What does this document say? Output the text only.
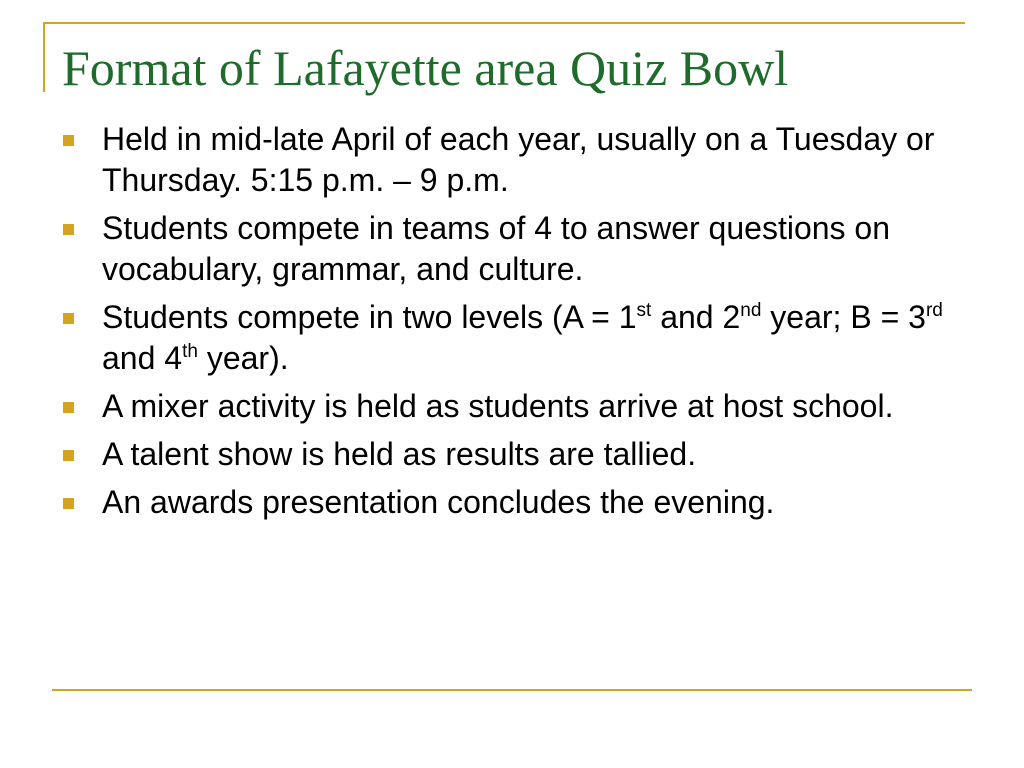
Format of Lafayette area Quiz Bowl
Held in mid-late April of each year, usually on a Tuesday or Thursday. 5:15 p.m. – 9 p.m.
Students compete in teams of 4 to answer questions on vocabulary, grammar, and culture.
Students compete in two levels (A = 1st and 2nd year; B = 3rd and 4th year).
A mixer activity is held as students arrive at host school.
A talent show is held as results are tallied.
An awards presentation concludes the evening.
